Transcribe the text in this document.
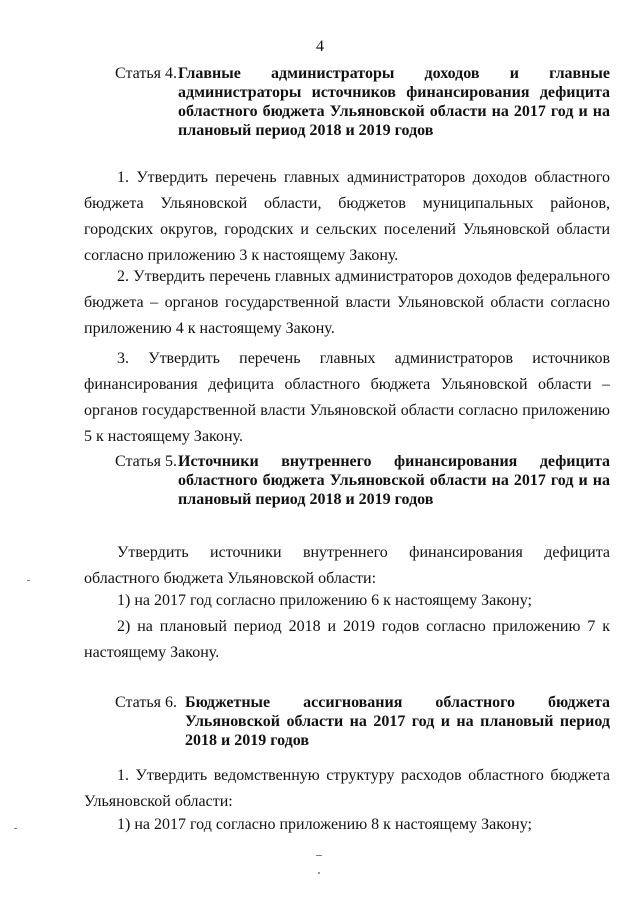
4
Статья 4. Главные администраторы доходов и главные администраторы источников финансирования дефицита областного бюджета Ульяновской области на 2017 год и на плановый период 2018 и 2019 годов

1. Утвердить перечень главных администраторов доходов областного бюджета Ульяновской области, бюджетов муниципальных районов, городских округов, городских и сельских поселений Ульяновской области согласно приложению 3 к настоящему Закону.

2. Утвердить перечень главных администраторов доходов федерального бюджета – органов государственной власти Ульяновской области согласно приложению 4 к настоящему Закону.

3. Утвердить перечень главных администраторов источников финансирования дефицита областного бюджета Ульяновской области – органов государственной власти Ульяновской области согласно приложению 5 к настоящему Закону.

Статья 5. Источники внутреннего финансирования дефицита областного бюджета Ульяновской области на 2017 год и на плановый период 2018 и 2019 годов

Утвердить источники внутреннего финансирования дефицита областного бюджета Ульяновской области:

1) на 2017 год согласно приложению 6 к настоящему Закону;

2) на плановый период 2018 и 2019 годов согласно приложению 7 к настоящему Закону.

Статья 6. Бюджетные ассигнования областного бюджета Ульяновской области на 2017 год и на плановый период 2018 и 2019 годов

1. Утвердить ведомственную структуру расходов областного бюджета Ульяновской области:

1) на 2017 год согласно приложению 8 к настоящему Закону;
